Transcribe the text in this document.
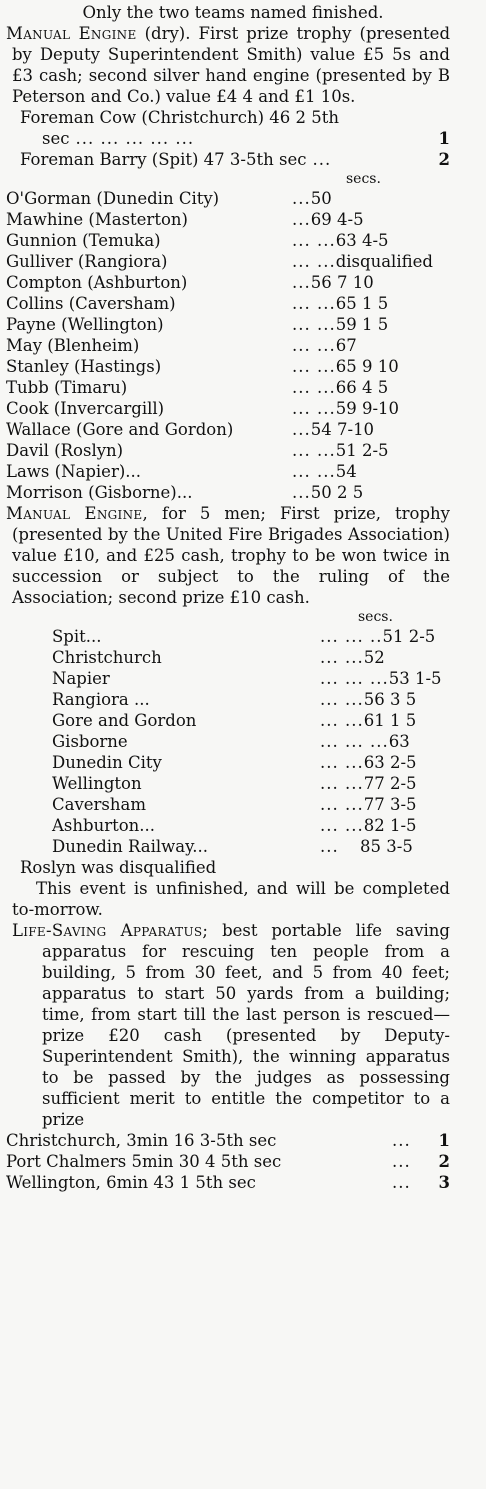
Only the two teams named finished.
Manual Engine (dry). First prize trophy (presented by Deputy Superintendent Smith) value £5 5s and £3 cash; second silver hand engine (presented by B Peterson and Co.) value £4 4 and £1 10s.
Foreman Cow (Christchurch) 46 2 5th
sec ... ... ... ... ...	1
Foreman Barry (Spit) 47 3-5th sec ...	2
secs.
O'Gorman (Dunedin City)	... 50
Mawhine (Masterton)	... 69 4-5
Gunnion (Temuka)	... ... 63 4-5
Gulliver (Rangiora)	... ... disqualified
Compton (Ashburton)	... 56 7 10
Collins (Caversham)	... ... 65 1 5
Payne (Wellington)	... ... 59 1 5
May (Blenheim)	... ... 67
Stanley (Hastings)	... ... 65 9 10
Tubb (Timaru)	... ... 66 4 5
Cook (Invercargill)	... ... 59 9-10
Wallace (Gore and Gordon)	... 54 7-10
Davil (Roslyn)	... ... 51 2-5
Laws (Napier)...	... ... 54
Morrison (Gisborne)...	... 50 2 5
Manual Engine, for 5 men; First prize, trophy (presented by the United Fire Brigades Association) value £10, and £25 cash, trophy to be won twice in succession or subject to the ruling of the Association; second prize £10 cash.
secs.
Spit...	... ... .. 51 2-5
Christchurch	... ... 52
Napier	... ... ... 53 1-5
Rangiora ...	... ... 56 3 5
Gore and Gordon	... ... 61 1 5
Gisborne	... ... ... 63
Dunedin City	... ... 63 2-5
Wellington	... ... 77 2-5
Caversham	... ... 77 3-5
Ashburton...	... ... 82 1-5
Dunedin Railway...	...	85 3-5
Roslyn was disqualified
This event is unfinished, and will be completed to-morrow.
Life-Saving Apparatus; best portable life saving apparatus for rescuing ten people from a building, 5 from 30 feet, and 5 from 40 feet; apparatus to start 50 yards from a building; time, from start till the last person is rescued—prize £20 cash (presented by Deputy-Superintendent Smith), the winning apparatus to be passed by the judges as possessing sufficient merit to entitle the competitor to a prize
Christchurch, 3min 16 3-5th sec	...	1
Port Chalmers 5min 30 4 5th sec	...	2
Wellington, 6min 43 1 5th sec	...	3
